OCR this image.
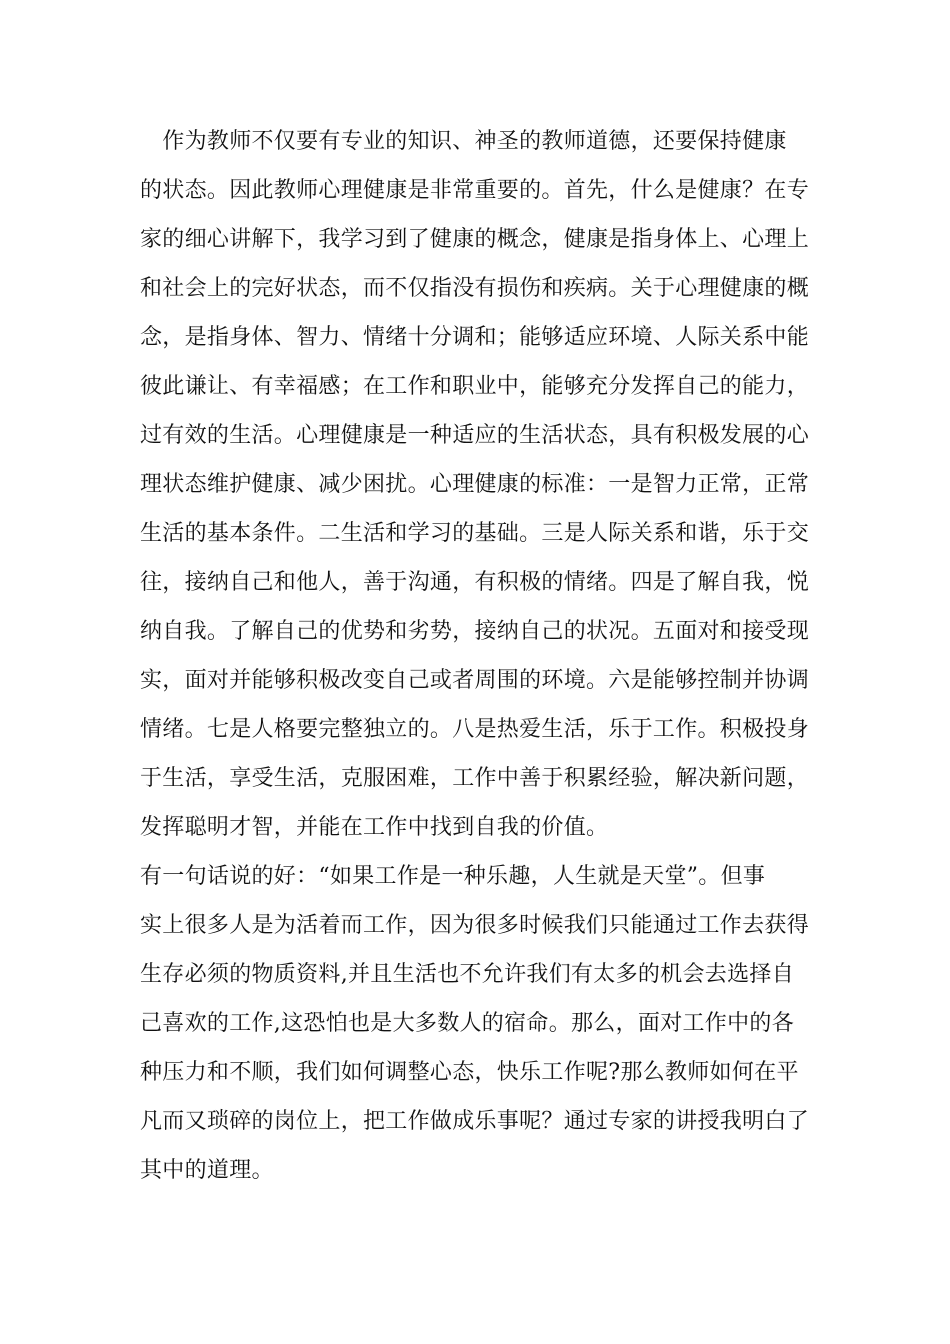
　作为教师不仅要有专业的知识、神圣的教师道德，还要保持健康

的状态。因此教师心理健康是非常重要的。首先，什么是健康？在专

家的细心讲解下，我学习到了健康的概念，健康是指身体上、心理上

和社会上的完好状态，而不仅指没有损伤和疾病。关于心理健康的概

念，是指身体、智力、情绪十分调和；能够适应环境、人际关系中能

彼此谦让、有幸福感；在工作和职业中，能够充分发挥自己的能力，

过有效的生活。心理健康是一种适应的生活状态，具有积极发展的心

理状态维护健康、减少困扰。心理健康的标准：一是智力正常，正常

生活的基本条件。二生活和学习的基础。三是人际关系和谐，乐于交

往，接纳自己和他人，善于沟通，有积极的情绪。四是了解自我，悦

纳自我。了解自己的优势和劣势，接纳自己的状况。五面对和接受现

实，面对并能够积极改变自己或者周围的环境。六是能够控制并协调

情绪。七是人格要完整独立的。八是热爱生活，乐于工作。积极投身

于生活，享受生活，克服困难，工作中善于积累经验，解决新问题，

发挥聪明才智，并能在工作中找到自我的价值。

有一句话说的好：“如果工作是一种乐趣，人生就是天堂”。但事

实上很多人是为活着而工作，因为很多时候我们只能通过工作去获得

生存必须的物质资料,并且生活也不允许我们有太多的机会去选择自

己喜欢的工作,这恐怕也是大多数人的宿命。那么，面对工作中的各

种压力和不顺，我们如何调整心态，快乐工作呢?那么教师如何在平

凡而又琐碎的岗位上，把工作做成乐事呢？通过专家的讲授我明白了

其中的道理。
